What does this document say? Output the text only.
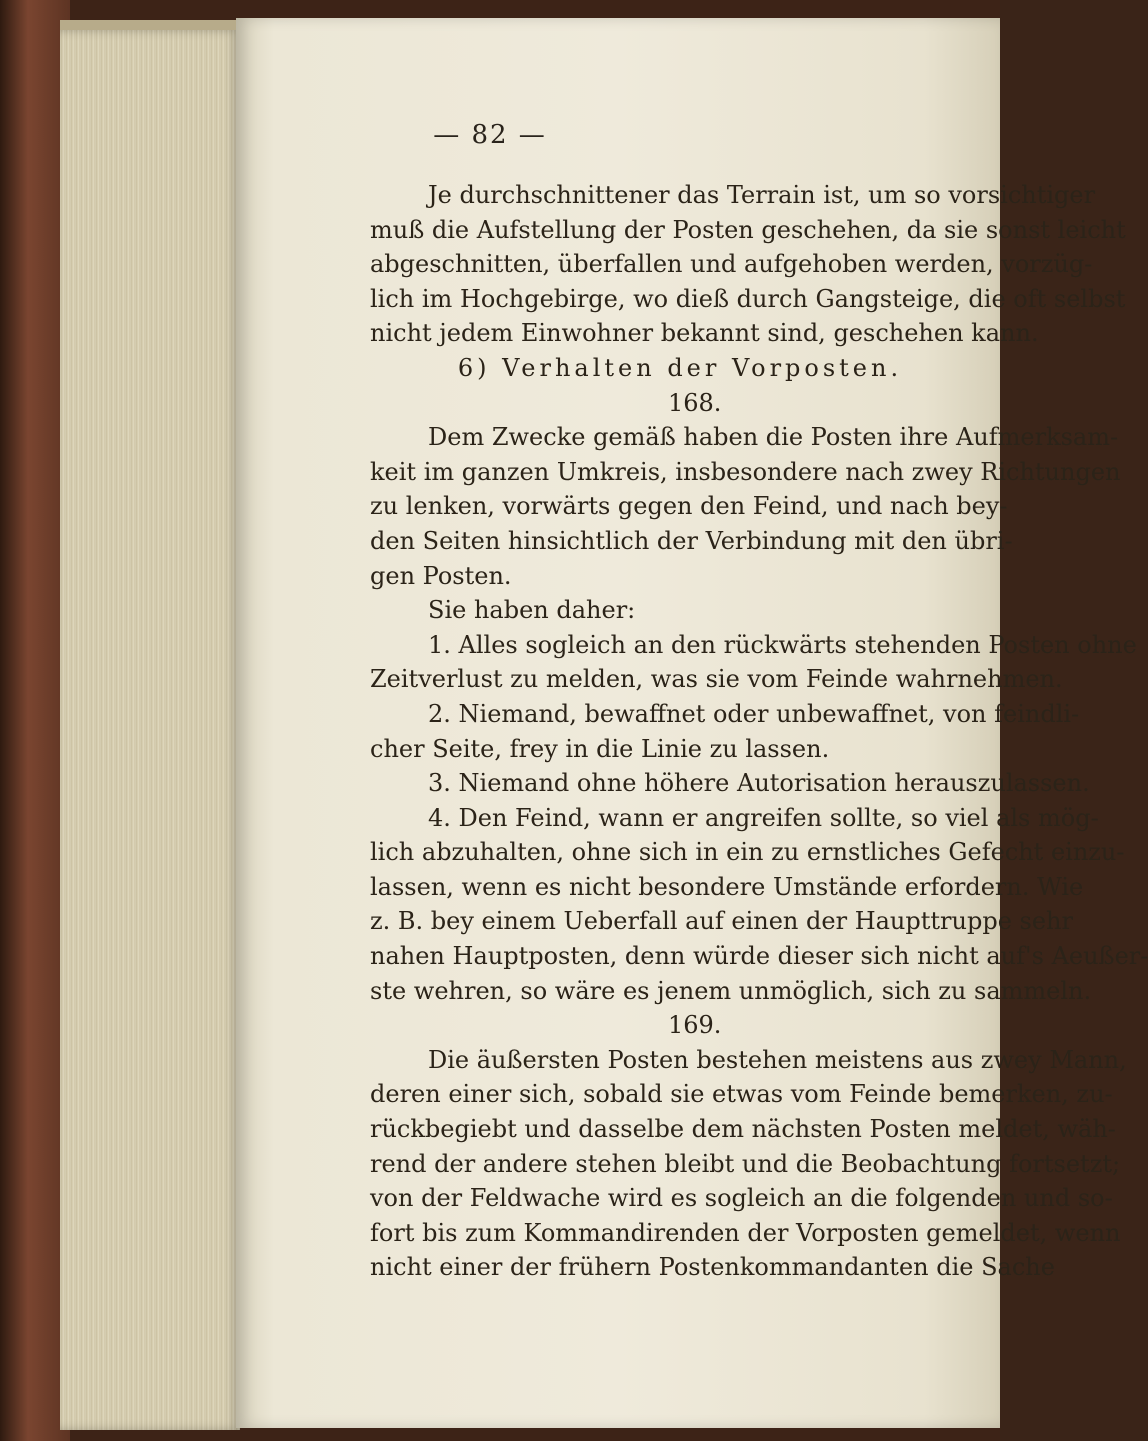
— 82 —
Je durchschnittener das Terrain ist, um so vorsichtiger
muß die Aufstellung der Posten geschehen, da sie sonst leicht
abgeschnitten, überfallen und aufgehoben werden, vorzüg-
lich im Hochgebirge, wo dieß durch Gangsteige, die oft selbst
nicht jedem Einwohner bekannt sind, geschehen kann.
6) Verhalten der Vorposten.
168.
Dem Zwecke gemäß haben die Posten ihre Aufmerksam-
keit im ganzen Umkreis, insbesondere nach zwey Richtungen
zu lenken, vorwärts gegen den Feind, und nach bey-
den Seiten hinsichtlich der Verbindung mit den übri-
gen Posten.
Sie haben daher:
1. Alles sogleich an den rückwärts stehenden Posten ohne
Zeitverlust zu melden, was sie vom Feinde wahrnehmen.
2. Niemand, bewaffnet oder unbewaffnet, von feindli-
cher Seite, frey in die Linie zu lassen.
3. Niemand ohne höhere Autorisation herauszulassen.
4. Den Feind, wann er angreifen sollte, so viel als mög-
lich abzuhalten, ohne sich in ein zu ernstliches Gefecht einzu-
lassen, wenn es nicht besondere Umstände erfordern. Wie
z. B. bey einem Ueberfall auf einen der Haupttruppe sehr
nahen Hauptposten, denn würde dieser sich nicht auf's Aeußer-
ste wehren, so wäre es jenem unmöglich, sich zu sammeln.
169.
Die äußersten Posten bestehen meistens aus zwey Mann,
deren einer sich, sobald sie etwas vom Feinde bemerken, zu-
rückbegiebt und dasselbe dem nächsten Posten meldet, wäh-
rend der andere stehen bleibt und die Beobachtung fortsetzt;
von der Feldwache wird es sogleich an die folgenden und so-
fort bis zum Kommandirenden der Vorposten gemeldet, wenn
nicht einer der frühern Postenkommandanten die Sache
